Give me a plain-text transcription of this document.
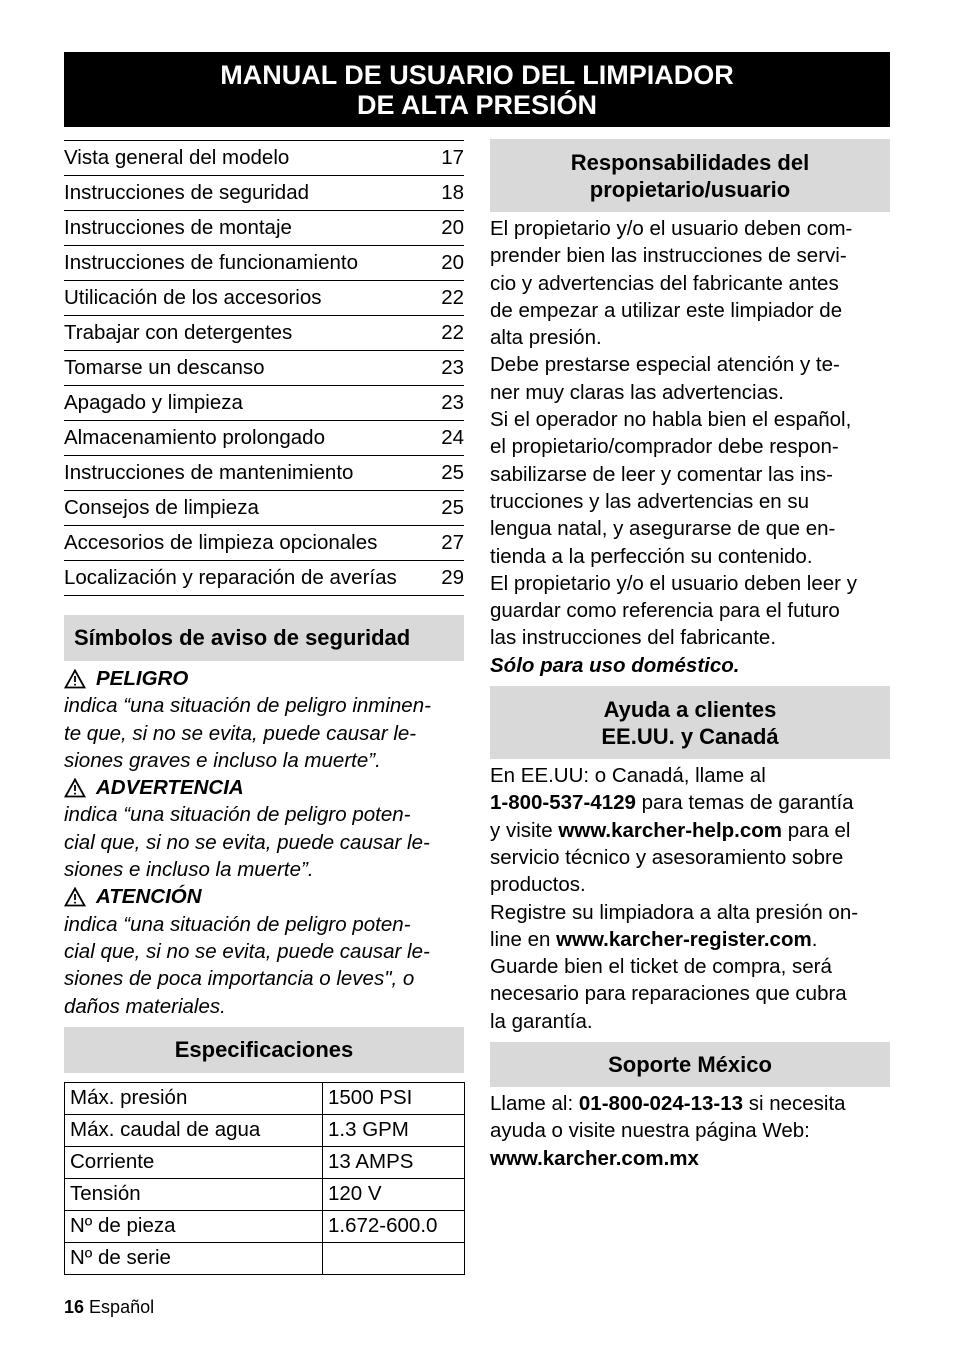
MANUAL DE USUARIO DEL LIMPIADOR
DE ALTA PRESIÓN
Vista general del modelo	17
Instrucciones de seguridad	18
Instrucciones de montaje	20
Instrucciones de funcionamiento	20
Utilicación de los accesorios	22
Trabajar con detergentes	22
Tomarse un descanso	23
Apagado y limpieza	23
Almacenamiento prolongado	24
Instrucciones de mantenimiento	25
Consejos de limpieza	25
Accesorios de limpieza opcionales	27
Localización y reparación de averías 29
Símbolos de aviso de seguridad
PELIGRO
indica “una situación de peligro inminen-
te que, si no se evita, puede causar le-
siones graves e incluso la muerte”.
ADVERTENCIA
indica “una situación de peligro poten-
cial que, si no se evita, puede causar le-
siones e incluso la muerte”.
ATENCIÓN
indica “una situación de peligro poten-
cial que, si no se evita, puede causar le-
siones de poca importancia o leves", o
daños materiales.
Especificaciones
Máx. presión	1500 PSI
Máx. caudal de agua	1.3 GPM
Corriente	13 AMPS
Tensión	120 V
Nº de pieza	1.672-600.0
Nº de serie	
Responsabilidades del
propietario/usuario
El propietario y/o el usuario deben com-
prender bien las instrucciones de servi-
cio y advertencias del fabricante antes
de empezar a utilizar este limpiador de
alta presión.
Debe prestarse especial atención y te-
ner muy claras las advertencias.
Si el operador no habla bien el español,
el propietario/comprador debe respon-
sabilizarse de leer y comentar las ins-
trucciones y las advertencias en su
lengua natal, y asegurarse de que en-
tienda a la perfección su contenido.
El propietario y/o el usuario deben leer y
guardar como referencia para el futuro
las instrucciones del fabricante.
Sólo para uso doméstico.
Ayuda a clientes
EE.UU. y Canadá
En EE.UU: o Canadá, llame al
1-800-537-4129 para temas de garantía
y visite www.karcher-help.com para el
servicio técnico y asesoramiento sobre
productos.
Registre su limpiadora a alta presión on-
line en www.karcher-register.com.
Guarde bien el ticket de compra, será
necesario para reparaciones que cubra
la garantía.
Soporte México
Llame al: 01-800-024-13-13 si necesita
ayuda o visite nuestra página Web:
www.karcher.com.mx
16 Español
